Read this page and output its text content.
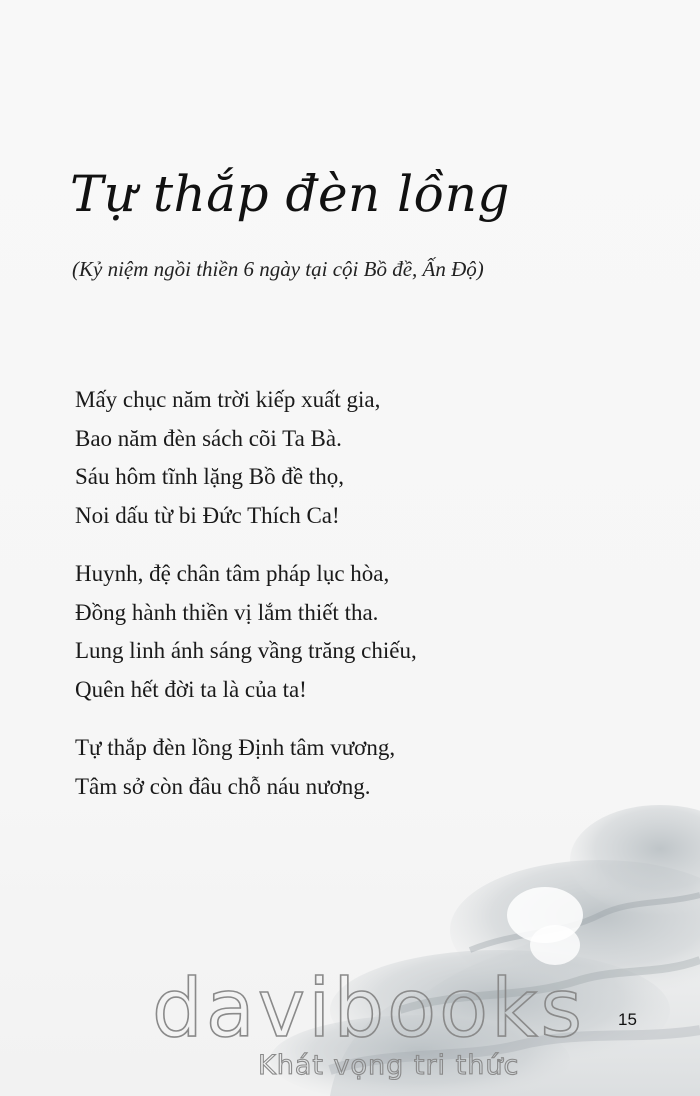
Tự thắp đèn lồng

(Kỷ niệm ngồi thiền 6 ngày tại cội Bồ đề, Ấn Độ)

Mấy chục năm trời kiếp xuất gia,
Bao năm đèn sách cõi Ta Bà.
Sáu hôm tĩnh lặng Bồ đề thọ,
Noi dấu từ bi Đức Thích Ca!
Huynh, đệ chân tâm pháp lục hòa,
Đồng hành thiền vị lắm thiết tha.
Lung linh ánh sáng vầng trăng chiếu,
Quên hết đời ta là của ta!
Tự thắp đèn lồng Định tâm vương,
Tâm sở còn đâu chỗ náu nương.
davibooks
Khát vọng tri thức
15
